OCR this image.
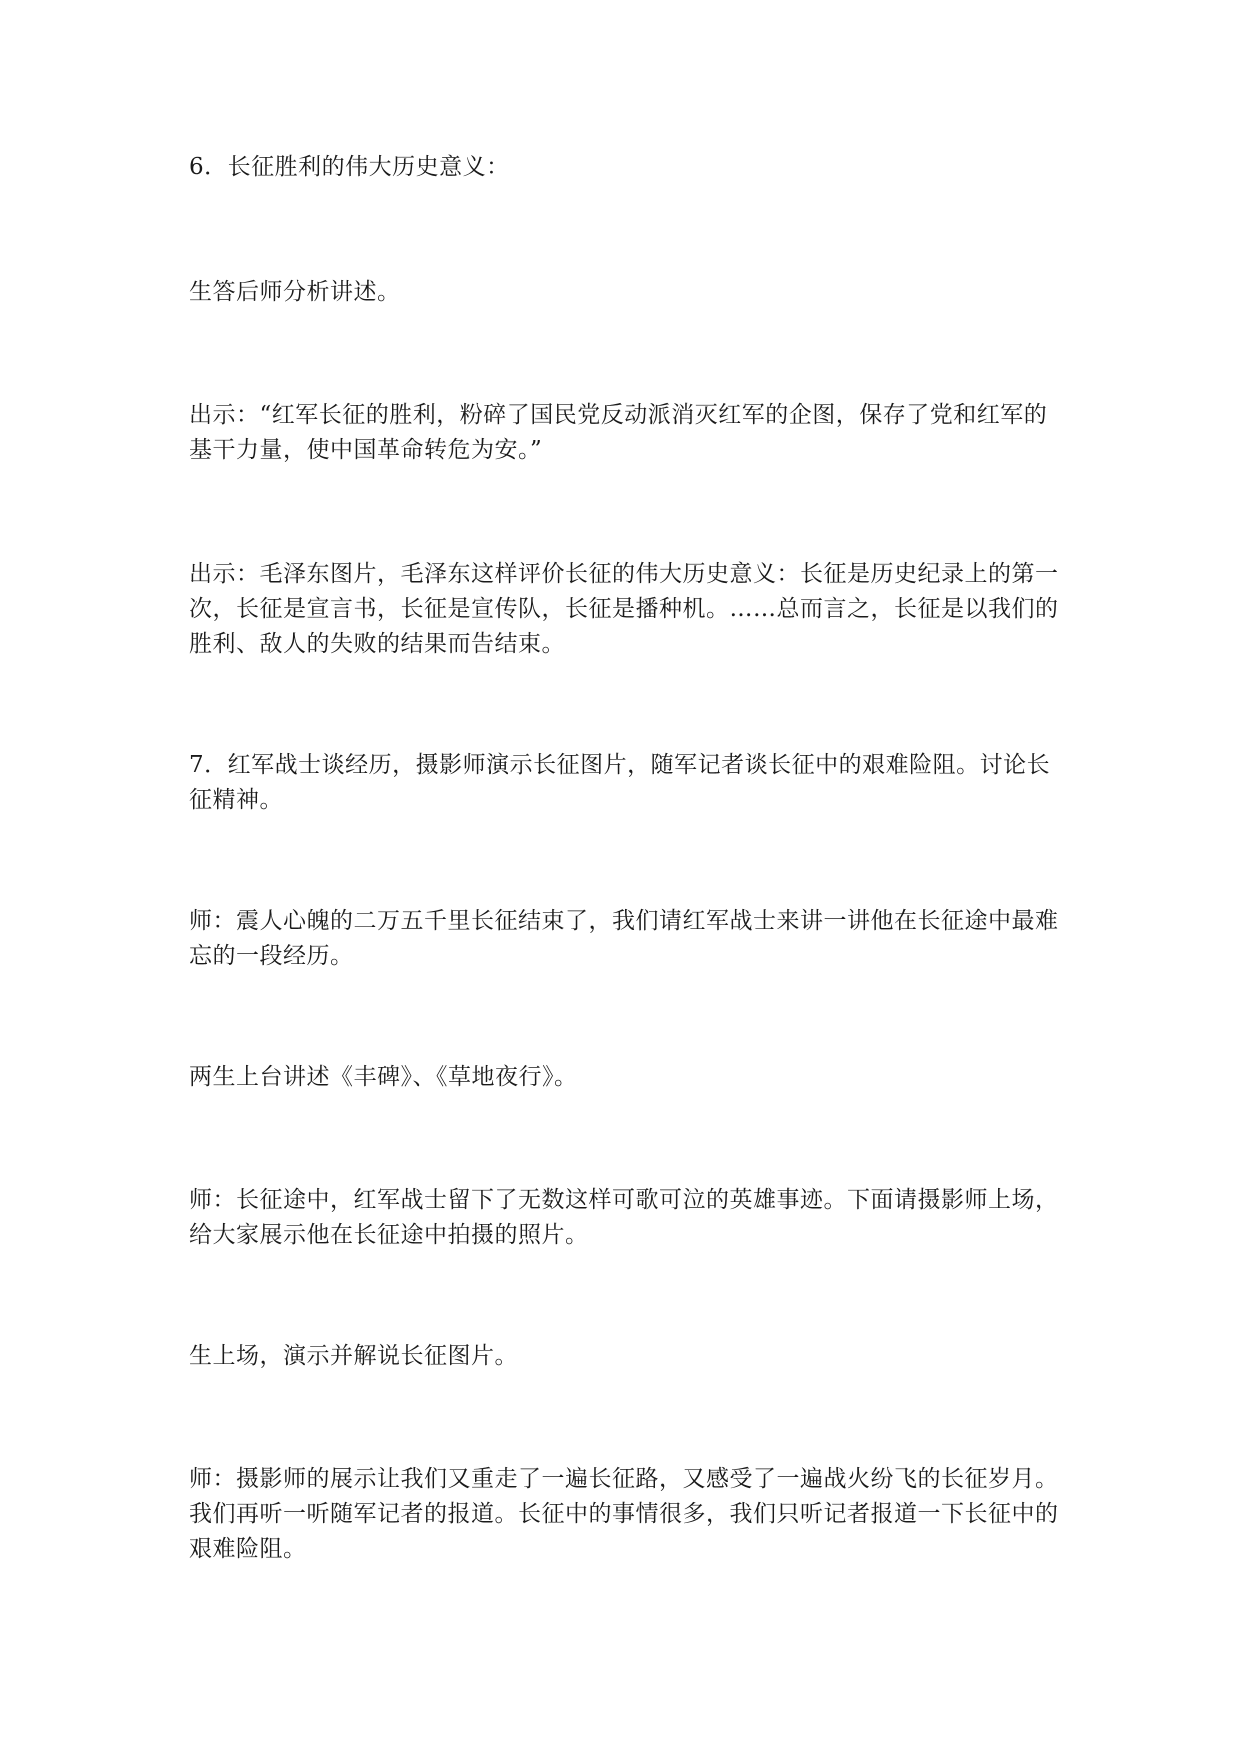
6．长征胜利的伟大历史意义：

生答后师分析讲述。

出示：“红军长征的胜利，粉碎了国民党反动派消灭红军的企图，保存了党和红军的基干力量，使中国革命转危为安。”

出示：毛泽东图片，毛泽东这样评价长征的伟大历史意义：长征是历史纪录上的第一次，长征是宣言书，长征是宣传队，长征是播种机。……总而言之，长征是以我们的胜利、敌人的失败的结果而告结束。

7．红军战士谈经历，摄影师演示长征图片，随军记者谈长征中的艰难险阻。讨论长征精神。

师：震人心魄的二万五千里长征结束了，我们请红军战士来讲一讲他在长征途中最难忘的一段经历。

两生上台讲述《丰碑》、《草地夜行》。

师：长征途中，红军战士留下了无数这样可歌可泣的英雄事迹。下面请摄影师上场，给大家展示他在长征途中拍摄的照片。

生上场，演示并解说长征图片。

师：摄影师的展示让我们又重走了一遍长征路，又感受了一遍战火纷飞的长征岁月。我们再听一听随军记者的报道。长征中的事情很多，我们只听记者报道一下长征中的艰难险阻。
